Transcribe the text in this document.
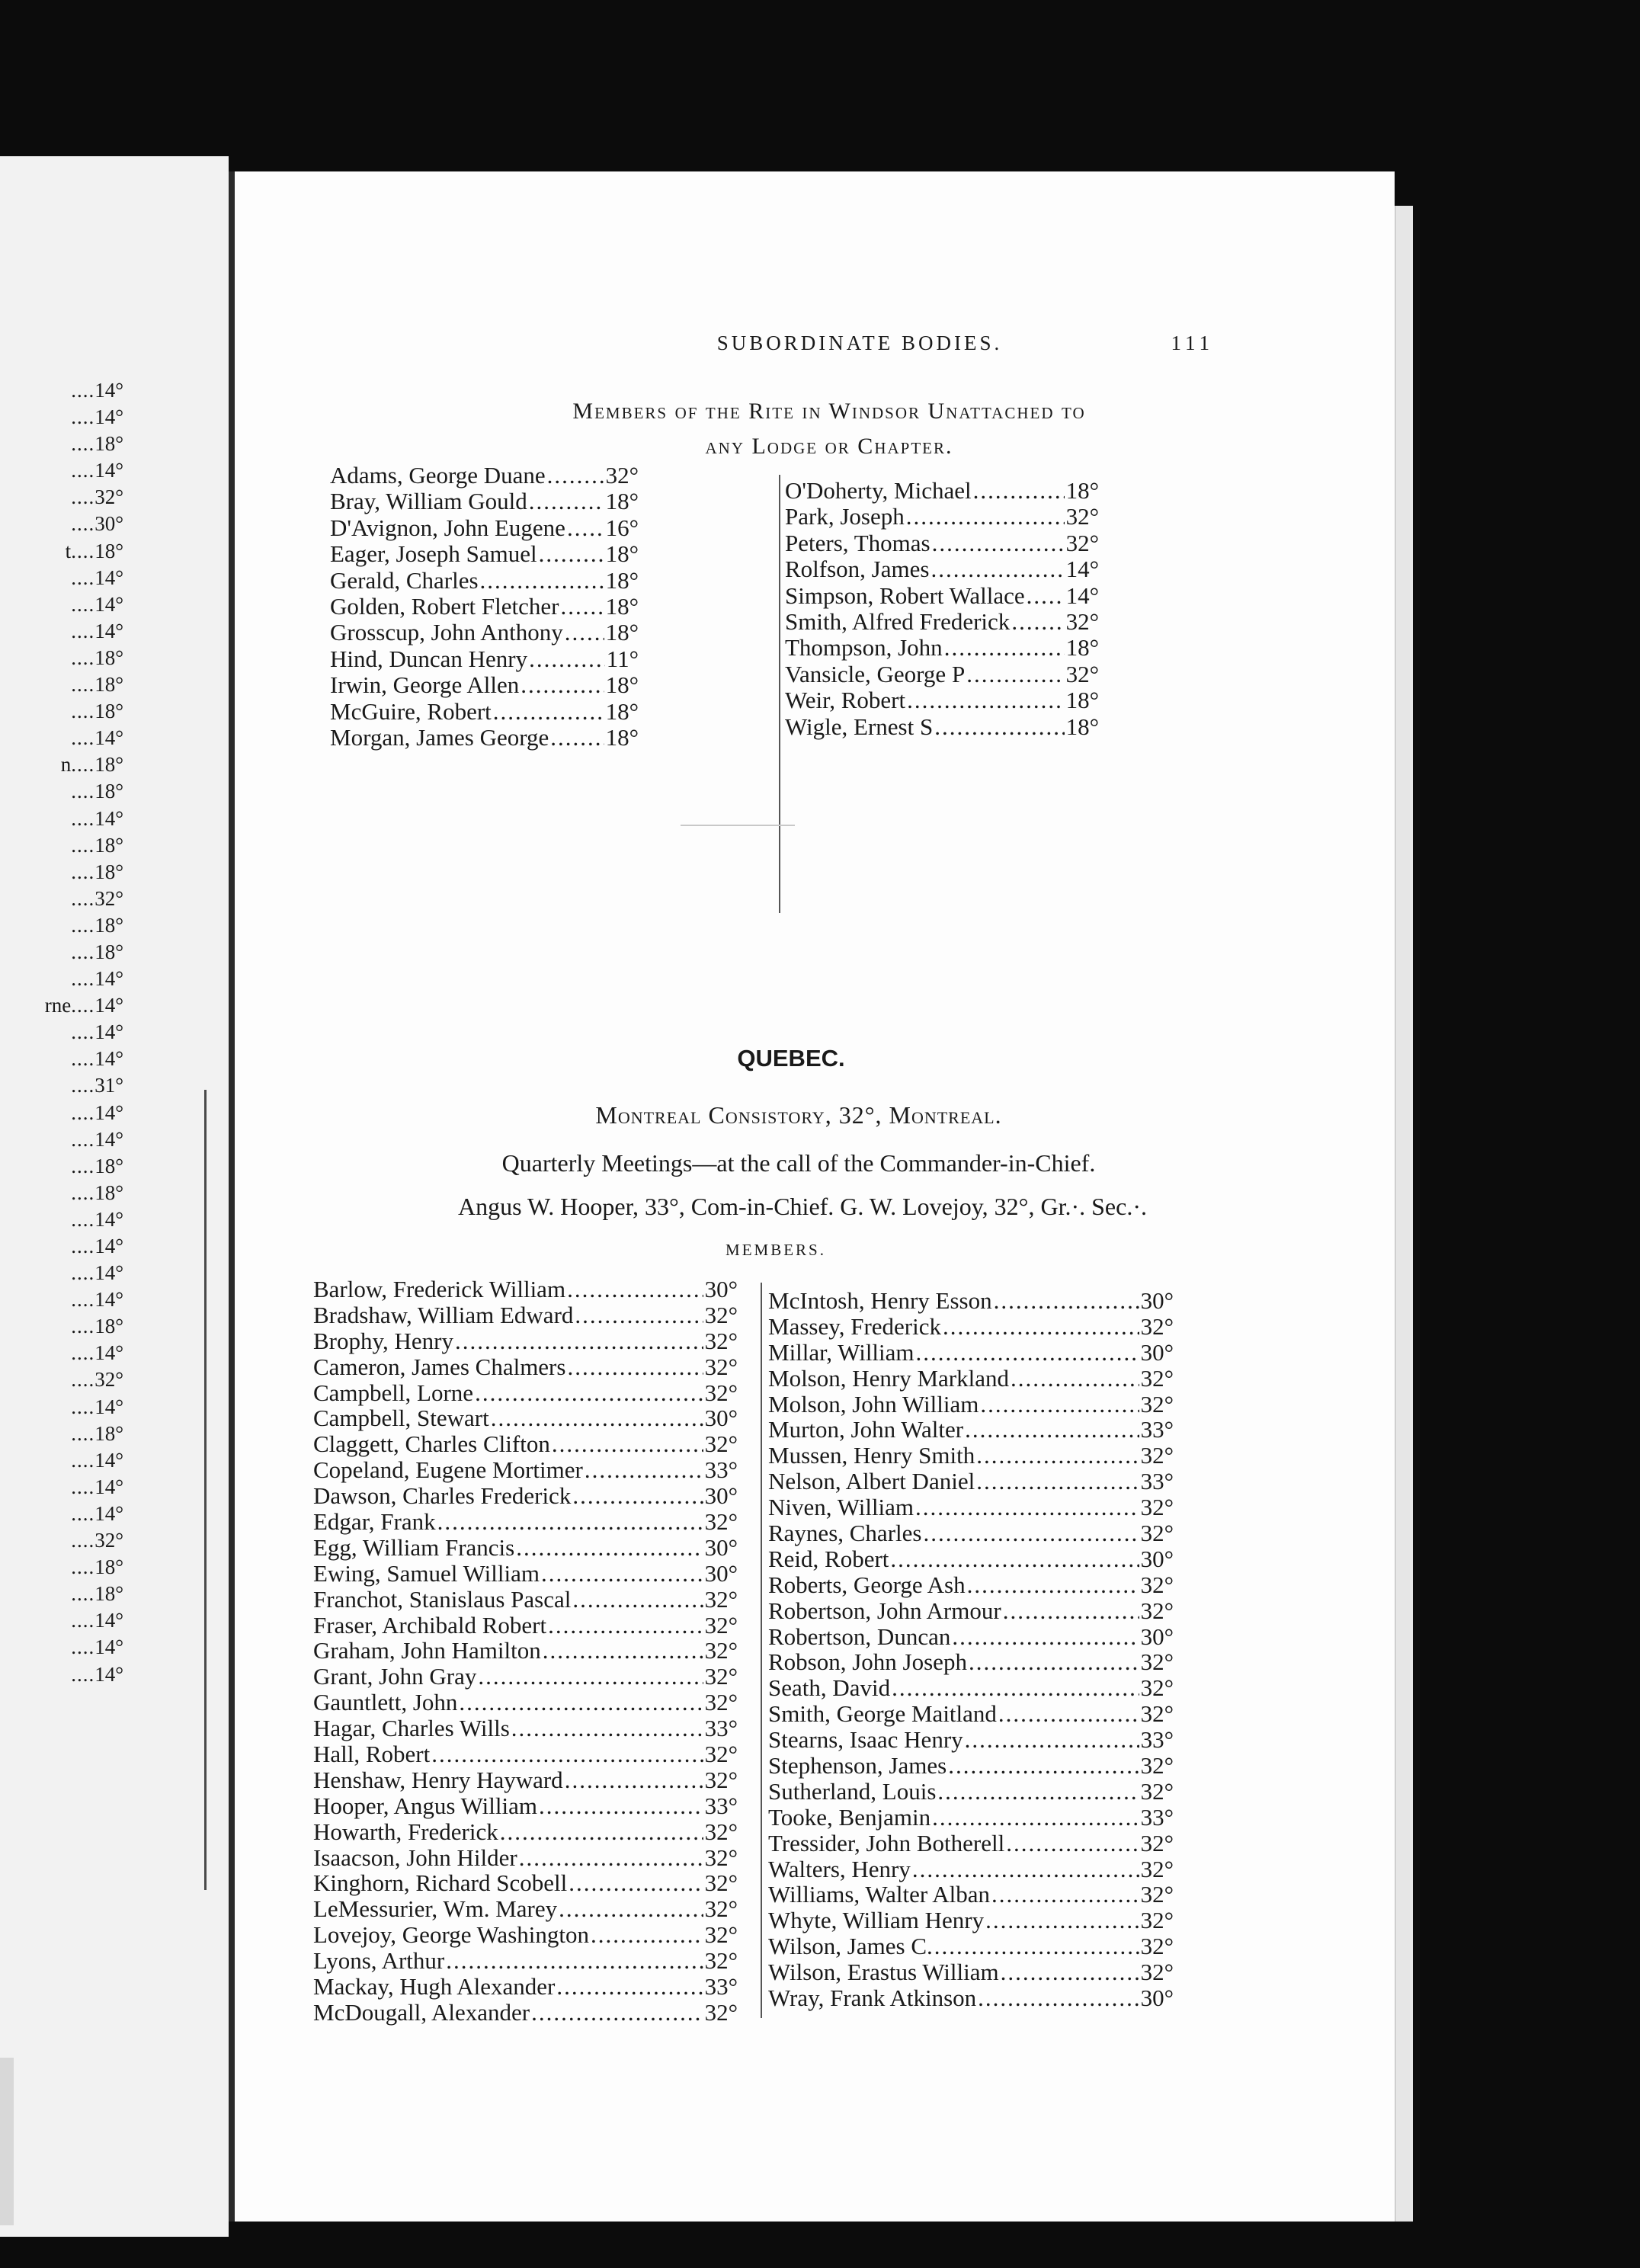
.... 14°
.... 14°
.... 18°
.... 14°
.... 32°
.... 30°
t .... 18°
.... 14°
.... 14°
.... 14°
.... 18°
.... 18°
.... 18°
.... 14°
n .... 18°
.... 18°
.... 14°
.... 18°
.... 18°
.... 32°
.... 18°
.... 18°
.... 14°
rne .... 14°
.... 14°
.... 14°
.... 31°
.... 14°
.... 14°
.... 18°
.... 18°
.... 14°
.... 14°
.... 14°
.... 14°
.... 18°
.... 14°
.... 32°
.... 14°
.... 18°
.... 14°
.... 14°
.... 14°
.... 32°
.... 18°
.... 18°
.... 14°
.... 14°
.... 14°
SUBORDINATE BODIES.	111
Members of the Rite in Windsor Unattached to
any Lodge or Chapter.
Adams, George Duane .....	32°
Bray, William Gould .....	18°
D'Avignon, John Eugene ..... 16°
Eager, Joseph Samuel .....	18°
Gerald, Charles .....	18°
Golden, Robert Fletcher ..... 18°
Grosscup, John Anthony ..... 18°
Hind, Duncan Henry .....	11°
Irwin, George Allen .....	18°
McGuire, Robert .....	18°
Morgan, James George ..... 18°
O'Doherty, Michael .....	18°
Park, Joseph .....	32°
Peters, Thomas .....	32°
Rolfson, James .....	14°
Simpson, Robert Wallace ..... 14°
Smith, Alfred Frederick ..... 32°
Thompson, John .....	18°
Vansicle, George P .....	32°
Weir, Robert .....	18°
Wigle, Ernest S .....	18°
QUEBEC.
Montreal Consistory, 32°, Montreal.
Quarterly Meetings—at the call of the Commander-in-Chief.
Angus W. Hooper, 33°, Com-in-Chief. G. W. Lovejoy, 32°, Gr.·. Sec.·.
MEMBERS.
Barlow, Frederick William .....	30°
Bradshaw, William Edward .....	32°
Brophy, Henry .....	32°
Cameron, James Chalmers .....	32°
Campbell, Lorne .....	32°
Campbell, Stewart .....	30°
Claggett, Charles Clifton .....	32°
Copeland, Eugene Mortimer .....	33°
Dawson, Charles Frederick .....	30°
Edgar, Frank .....	32°
Egg, William Francis .....	30°
Ewing, Samuel William .....	30°
Franchot, Stanislaus Pascal .....	32°
Fraser, Archibald Robert .....	32°
Graham, John Hamilton .....	32°
Grant, John Gray .....	32°
Gauntlett, John .....	32°
Hagar, Charles Wills .....	33°
Hall, Robert .....	32°
Henshaw, Henry Hayward .....	32°
Hooper, Angus William .....	33°
Howarth, Frederick .....	32°
Isaacson, John Hilder .....	32°
Kinghorn, Richard Scobell .....	32°
LeMessurier, Wm. Marey .....	32°
Lovejoy, George Washington .....	32°
Lyons, Arthur .....	32°
Mackay, Hugh Alexander .....	33°
McDougall, Alexander .....	32°
McIntosh, Henry Esson .....	30°
Massey, Frederick .....	32°
Millar, William .....	30°
Molson, Henry Markland .....	32°
Molson, John William .....	32°
Murton, John Walter .....	33°
Mussen, Henry Smith .....	32°
Nelson, Albert Daniel .....	33°
Niven, William .....	32°
Raynes, Charles .....	32°
Reid, Robert .....	30°
Roberts, George Ash .....	32°
Robertson, John Armour .....	32°
Robertson, Duncan .....	30°
Robson, John Joseph .....	32°
Seath, David .....	32°
Smith, George Maitland .....	32°
Stearns, Isaac Henry .....	33°
Stephenson, James .....	32°
Sutherland, Louis .....	32°
Tooke, Benjamin .....	33°
Tressider, John Botherell .....	32°
Walters, Henry .....	32°
Williams, Walter Alban .....	32°
Whyte, William Henry .....	32°
Wilson, James C. .....	32°
Wilson, Erastus William .....	32°
Wray, Frank Atkinson .....	30°
